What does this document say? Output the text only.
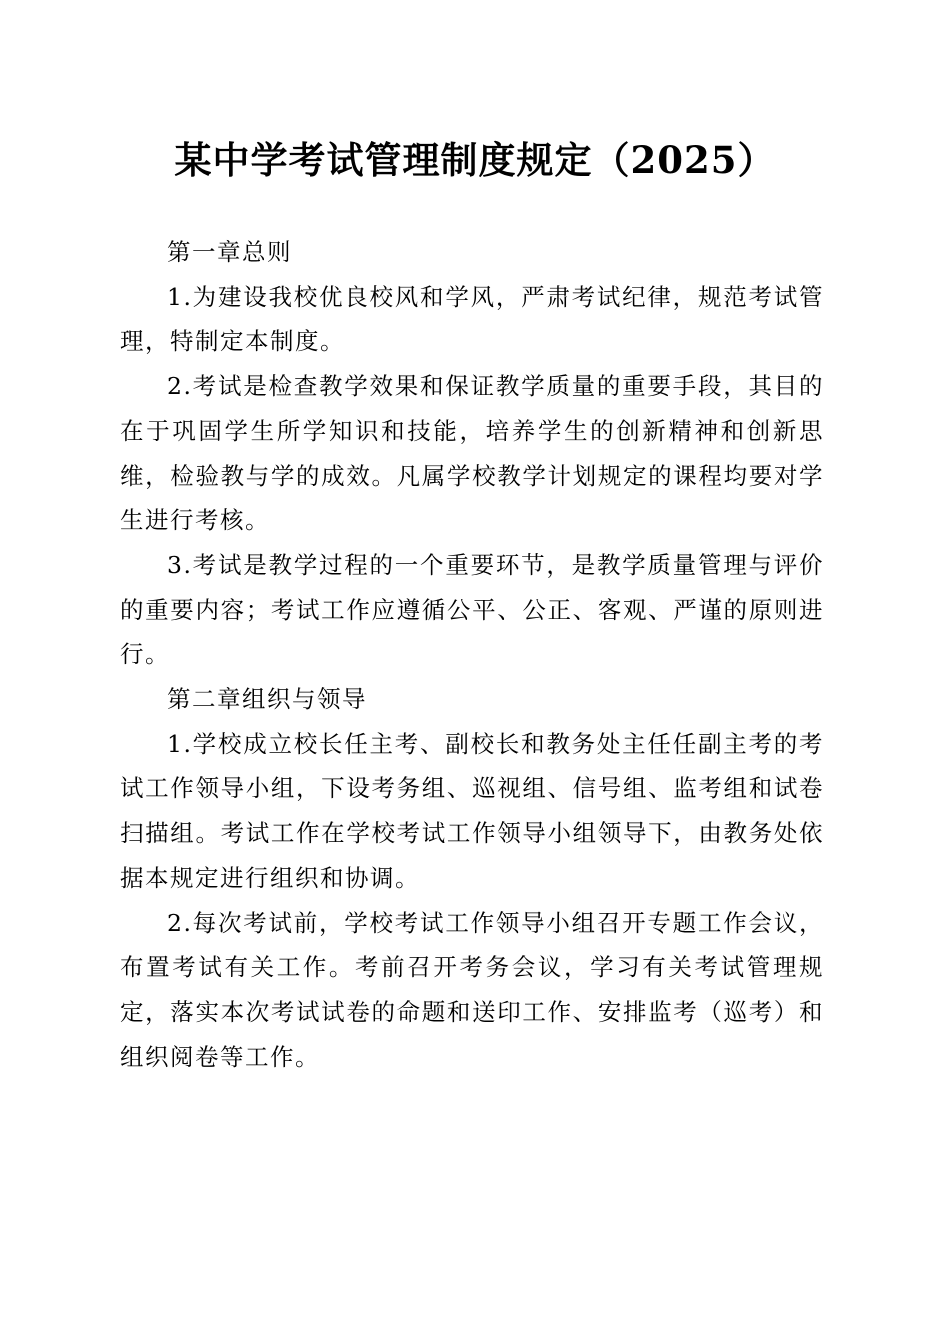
某中学考试管理制度规定（2025）

第一章总则

1.为建设我校优良校风和学风，严肃考试纪律，规范考试管理，特制定本制度。

2.考试是检查教学效果和保证教学质量的重要手段，其目的在于巩固学生所学知识和技能，培养学生的创新精神和创新思维，检验教与学的成效。凡属学校教学计划规定的课程均要对学生进行考核。

3.考试是教学过程的一个重要环节，是教学质量管理与评价的重要内容；考试工作应遵循公平、公正、客观、严谨的原则进行。

第二章组织与领导

1.学校成立校长任主考、副校长和教务处主任任副主考的考试工作领导小组，下设考务组、巡视组、信号组、监考组和试卷扫描组。考试工作在学校考试工作领导小组领导下，由教务处依据本规定进行组织和协调。

2.每次考试前，学校考试工作领导小组召开专题工作会议，布置考试有关工作。考前召开考务会议，学习有关考试管理规定，落实本次考试试卷的命题和送印工作、安排监考（巡考）和组织阅卷等工作。
